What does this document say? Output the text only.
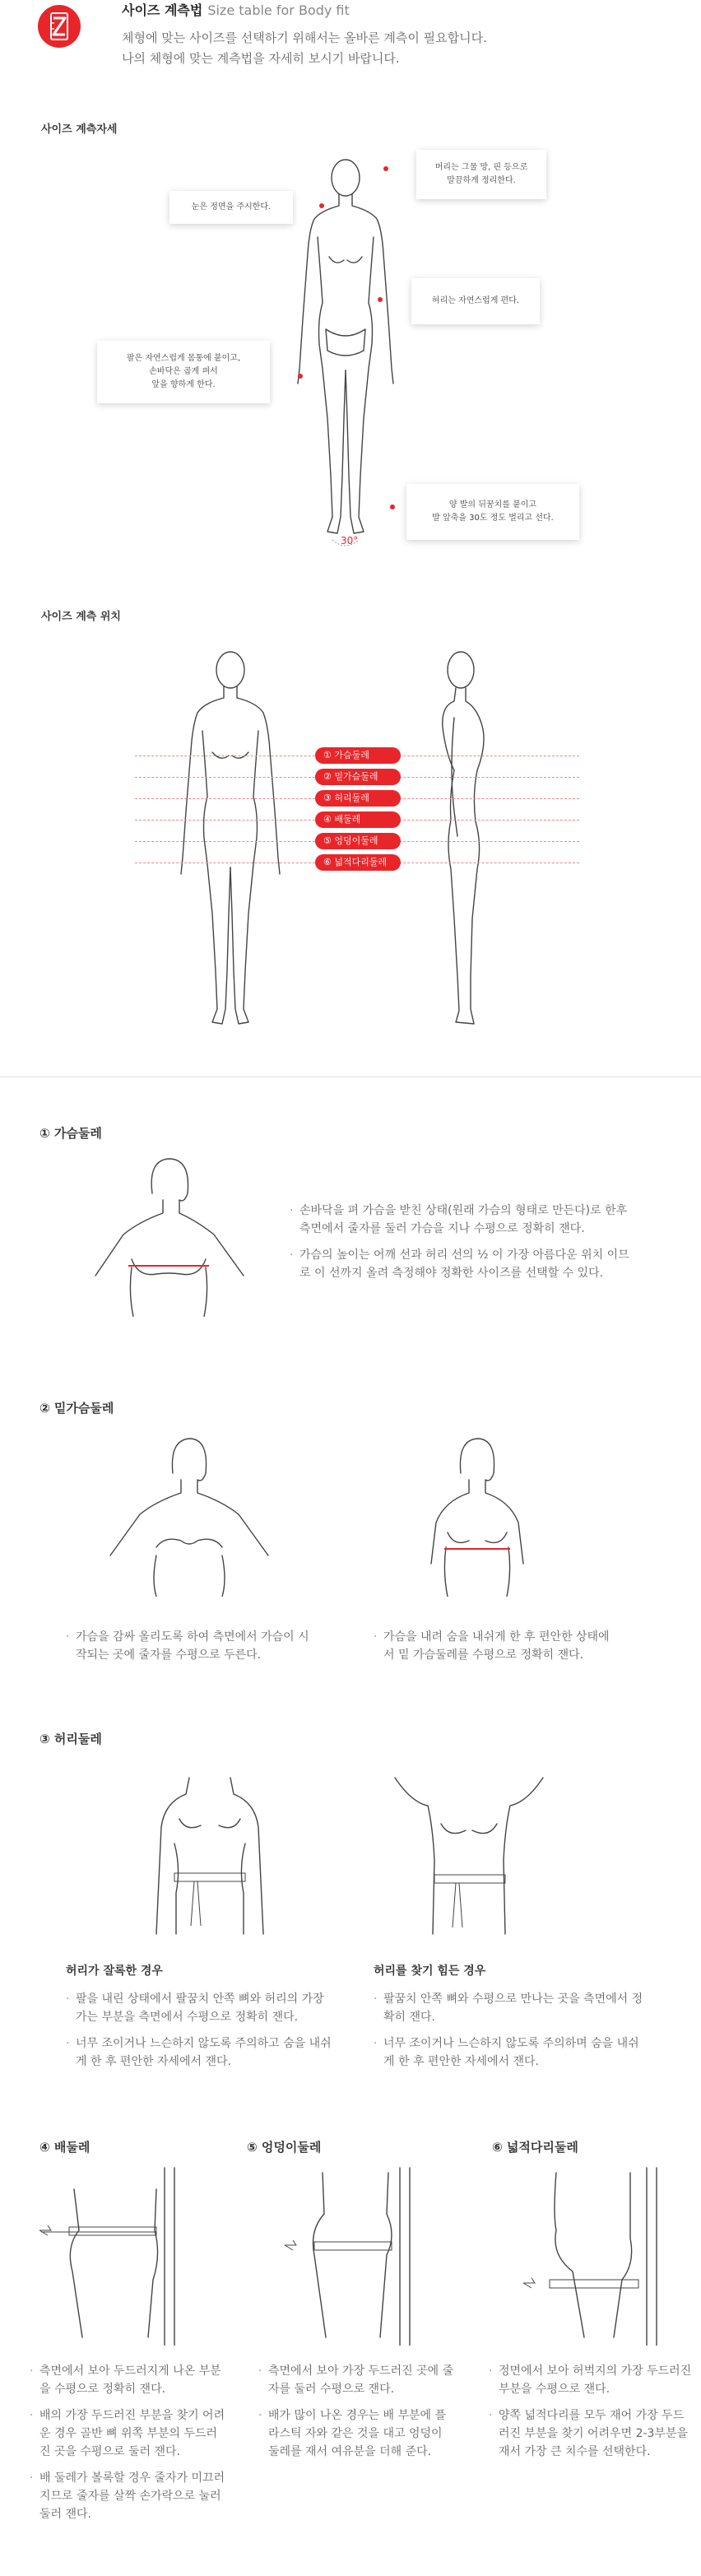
사이즈 계측법 Size table for Body fit
체형에 맞는 사이즈를 선택하기 위해서는 올바른 계측이 필요합니다.
나의 체형에 맞는 계측법을 자세히 보시기 바랍니다.
사이즈 계측자세
눈은 정면을 주시한다.
머리는 그물 망, 핀 등으로
말끔하게 정리한다.
허리는 자연스럽게 편다.
팔은 자연스럽게 몸통에 붙이고,
손바닥은 곱게 펴서
앞을 향하게 한다.
양 발의 뒤꿈치를 붙이고
발 앞축을 30도 정도 벌리고 선다.
30°
사이즈 계측 위치
① 가슴둘레
② 밑가슴둘레
③ 허리둘레
④ 배둘레
⑤ 엉덩이둘레
⑥ 넓적다리둘레
① 가슴둘레
· 손바닥을 펴 가슴을 받친 상태(원래 가슴의 형태로 만든다)로 한후 측면에서 줄자를 둘러 가슴을 지나 수평으로 정확히 잰다.
· 가슴의 높이는 어깨 선과 허리 선의 ½ 이 가장 아름다운 위치 이므로 이 선까지 올려 측정해야 정확한 사이즈를 선택할 수 있다.
② 밑가슴둘레
· 가슴을 감싸 올리도록 하여 측면에서 가슴이 시작되는 곳에 줄자를 수평으로 두른다.
· 가슴을 내려 숨을 내쉬게 한 후 편안한 상태에서 밑 가슴둘레를 수평으로 정확히 잰다.
③ 허리둘레
허리가 잘록한 경우
· 팔을 내린 상태에서 팔꿈치 안쪽 뼈와 허리의 가장 가는 부분을 측면에서 수평으로 정확히 잰다.
· 너무 조이거나 느슨하지 않도록 주의하고 숨을 내쉬게 한 후 편안한 자세에서 잰다.
허리를 찾기 힘든 경우
· 팔꿈치 안쪽 뼈와 수평으로 만나는 곳을 측면에서 정확히 잰다.
· 너무 조이거나 느슨하지 않도록 주의하며 숨을 내쉬게 한 후 편안한 자세에서 잰다.
④ 배둘레	⑤ 엉덩이둘레	⑥ 넓적다리둘레
· 측면에서 보아 두드러지게 나온 부분을 수평으로 정확히 잰다.
· 배의 가장 두드러진 부분을 찾기 어려운 경우 골반 뼈 위쪽 부분의 두드러진 곳을 수평으로 둘러 잰다.
· 배 둘레가 볼록할 경우 줄자가 미끄러지므로 줄자를 살짝 손가락으로 눌러 둘러 잰다.
· 측면에서 보아 가장 두드러진 곳에 줄자를 둘러 수평으로 잰다.
· 배가 많이 나온 경우는 배 부분에 플라스틱 자와 같은 것을 대고 엉덩이 둘레를 재서 여유분을 더해 준다.
· 정면에서 보아 허벅지의 가장 두드러진 부분을 수평으로 잰다.
· 양쪽 넓적다리를 모두 재어 가장 두드러진 부분을 찾기 어려우면 2-3부분을 재서 가장 큰 치수를 선택한다.
